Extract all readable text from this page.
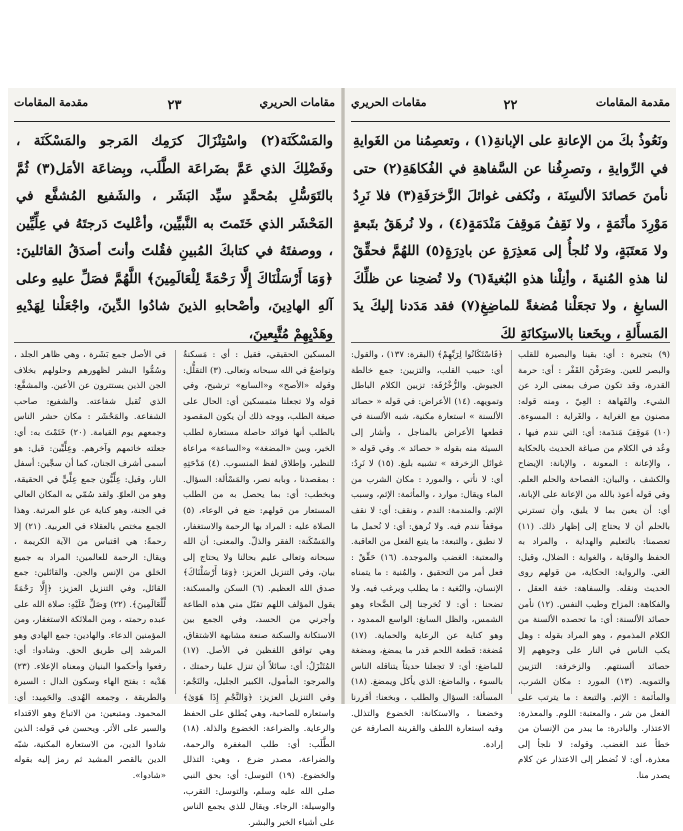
مقامات الحريري
٢٣
مقدمة المقامات
والمَسْكَنَة(٢) واسْتِنْزَالَ كرَمِك المَرجو والمَسْكَنَة ، وفَضْلِكَ الذي عَمَّ بضَراعَة الطَّلَب، وبِضاعَة الأمَل(٣) ثُمَّ بالتَوَسُّلِ بمُحمَّدٍ سيِّد البَشَر ، والشَفيع المُشفَّع في المَحْشَر الذي خَتَمتَ به النَّبيِّين، وأعْليتَ دَرجتَهُ في عِلِّيِّين ، ووصفتَهُ في كتابكَ المُبينِ فقُلتَ وأنتَ أصدَقُ القائلينَ: ﴿وَمَا أَرْسَلْنَاكَ إِلَّا رَحْمَةً لِلْعَالَمِينَ﴾ اللَّهُمَّ فصَلِّ عليهِ وعلى آلهِ الهادِينَ، وأصْحابهِ الذينَ شادُوا الدِّينَ، واجْعَلْنا لِهَدْيهِ وهَدْيِهِمْ مُتَّبِعينَ،
المسكين الحقيقي، فقيل : أي : مَسكنةٌ وتواضعٌ في الله سبحانه وتعالى. (٣) التقلُّل: وقوله «الأصح» و«السابع» ترشيح، وفي قوله ولا تجعلنا متمسكين أي: الحال على صيغة الطلب، ووجه ذلك أن يكون المقصود بالطلب أنها فوائد حاصلة مستعارة لطلب الخير، وبين «المضغة» و«الساعة» مراعاة للنظير، وإطلاق لفظ المنسوب. (٤) مَدْحَتِهِ : بمقصدنا ، وبابه نصر، والمَسْألة: السؤال. وبخطب: أي: بما يحصل به من الطلب المستعار من قولهم: ضع في الوعاء، (٥) الصلاة عليه : المراد بها الرحمة والاستغفار، والمَسْكَنة: الفقر والذلّ. والمعنى: أن الله سبحانه وتعالى عليم بحالنا ولا يحتاج إلى بيان، وفي التنزيل العزيز: ﴿وَمَا أَرْسَلْنَاكَ﴾ صدق الله العظيم. (٦) السكن والمسكنة: يقول المؤلف اللهم تقبّل مني هذه الطاعة وأجرني من الحسد، وفي الجمع بين الاستكانة والسكنة صنعة مشابهة الاشتقاق، وهي توافق اللفظين في الأصل. (١٧) المُتَنْزَلُ: أي: سائلاً أن تنزل علينا رحمتك ، والمرجو: المأمول، الكبير الجليل، والنَجْم: وفي التنزيل العزيز: ﴿وَالنَّجْمِ إِذَا هَوَىٰ﴾ واستعاره للصاحبة، وهي يُطلق على الحفظ والرعاية. والضراعة: الخضوع والذلة. (١٨) الطَّلَب: أي: طلب المغفرة والرحمة، والضراعة، مصدر ضرع ، وهي: التذلل والخضوع. (١٩) التوسل: أي: بحق النبي صلى الله عليه وسلم، والتوسل: التقرب، والوسيلة: الرجاء. ويقال للذي يجمع الناس على أشياء الخير والبشر.
في الأصل جمع بَشَرة ، وهي ظاهر الجلد ، وسُمُّوا البشر لظهورهم وحلولهم بخلاف الجن الذين يستترون عن الأعين. والمشفَّع: الذي تُقبل شفاعته. والشفيع: صاحب الشفاعة. والمَحْشَر : مكان حشر الناس وجمعهم يوم القيامة. (٢٠) خَتَمْتَ به: أي: جعلته خاتمهم وآخرهم. وعِلِّيِّين: قيل: هو أسمى أشرف الجنان، كما أن سجِّين: أسفل النار، وقيل: عِلِّيُّون جمع عِلِّيٍّ في الحقيقة، وهو من العلوّ. ولقد سُمّي به المكان العالي في الجنة، وهو كناية عن علو المرتبة. وهذا الجمع مختص بالعقلاء في العربية. (٢١) إلا رحمةً: هي اقتباس من الآية الكريمة ، ويقال: الرحمة للعالمين: المراد به جميع الخلق من الإنس والجن. والقائلين: جمع القائل، وفي التنزيل العزيز: ﴿إِلَّا رَحْمَةً لِّلْعَالَمِينَ﴾. (٢٢) وَصَلِّ عَلَيْهِ: صلاة الله على عبده رحمته ، ومن الملائكة الاستغفار، ومن المؤمنين الدعاء. والهادين: جمع الهادي وهو المرشد إلى طريق الحق. وشادوا: أي: رفعوا وأحكموا البنيان ومعناه الإعلاء. (٢٣) هَدْيه : بفتح الهاء وسكون الدال : السيرة والطريقة ، وجمعه الهُدى. والحَمِيد: أي: المحمود. ومتبعين: من الاتباع وهو الاقتداء والسير على الأثر. ويحسن في قوله: الذين شادوا الدين، من الاستعارة المكنية، شبّه الدين بالقصر المشيد ثم رمز إليه بقوله «شادوا».
مقدمة المقامات
٢٢
مقامات الحريري
ونَعُوذُ بكَ من الإعانةِ على الإبانةِ(١) ، وتعصِمُنا من الغَوايةِ في الرِّوايةِ ، وتصرِفُنا عن السَّفاهةِ في الفُكاهَةِ(٢) حتى نأمنَ حَصائدَ الألسِنَة ، ونُكفى غوائلَ الزَّخرَفَةِ(٣) فلا نَرِدُ مَوْرِدَ مأثَمَةٍ ، ولا نَقِفُ مَوقِفَ مَنْدَمَةٍ(٤) ، ولا نُرهَقُ بتَبعةٍ ولا مَعتَبَةٍ، ولا نُلجأُ إلى مَعذِرَةٍ عن بادِرَةٍ(٥) اللهُمَّ فحقِّقْ لنا هذهِ المُنيةَ ، وأنِلْنا هذهِ البُغيةَ(٦) ولا تُضحِنا عن ظلِّكَ السابغِ ، ولا تجعَلْنا مُضغةً للماضِغِ(٧) فقد مَدَدنا إليكَ يدَ المَسأَلةِ ، وبخَعنا بالاستِكانَةِ لكَ
(٩) بتجيرة : أي: بقينا والبصيرة للقلب والبصر للعين. وصَرَفْنَ القَفْر : أي: حرمة القدرة، وقد تكون صرف بمعنى الرد عن الشيء. والفَهاهة : العِيّ ، ومنه قوله: مصنون مع الغراية ، والغَراية : المسوءة. (١٠) مَوقِفَ مَندَمة: أي: التي نندم فيها ، وعُد في الكلام من صياغة الحديث بالحكاية ، والإعانة : المعونة ، والإبانة: الإيضاح والكشف ، والبيان: الفصاحة والحلم العلم. وفي قوله أعوذ بالله من الإعانة على الإبانة، أي: أن يعين بما لا يليق، وأن تسترني بالحلم أن لا يحتاج إلى إظهار ذلك. (١١) تعصمنا: بالتعليم والهداية ، والمراد به الحفظ والوقاية ، والغواية : الضلال، وقيل: الغي. والرواية: الحكاية، من قولهم روى الحديث ونقله. والسفاهة: خفة العقل ، والفكاهة: المزاح وطيب النفس. (١٢) نأمن حصائد الألسنة: أي: ما تحصده الألسنة من الكلام المذموم ، وهو المراد بقوله : وهل يكب الناس في النار على وجوههم إلا حصائد ألسنتهم. والزخرفة: التزيين والتمويه. (١٣) المورد : مكان الشرب، والمأثمة : الإثم. والتبعة : ما يترتب على الفعل من شر ، والمعتبة: اللوم. والمعذرة: الاعتذار. والبادرة: ما يبدر من الإنسان من خطأ عند الغضب. وقوله: لا نلجأ إلى معذرة، أي: لا نُضطر إلى الاعتذار عن كلام يصدر منا.
﴿فَاسْتَكَانُوا لِرَبِّهِمْ﴾ (البقرة: ١٣٧) ، والقول: أي: حبيب القلب، والتزيين: جمع خالطة الجيوش. والزُّخْرُفَة: تزيين الكلام الباطل وتمويهه. (١٤) الأعراض: في قوله « حصائد الألسنة » استعارة مكنية، شبه الألسنة في قطعها الأعراض بالمناجل ، وأشار إلى السيئة منه بقوله « حصائد ». وفي قوله « غوائل الزخرفة » تشبيه بليغ. (١٥) لا نَرِدُ: أي: لا نأتي ، والمورد : مكان الشرب من الماء ويقال: موارد ، والمأثمة: الإثم، وسبب الإثم. والمندمة: الندم ، ونقف: أي: لا نقف موقفاً نندم فيه. ولا نُرهق: أي: لا نُحمل ما لا نطيق ، والتبعة: ما يتبع الفعل من العاقبة. والمعتبة: الغضب والموجدة. (١٦) حَقِّقْ : فعل أمر من التحقيق ، والمُنية : ما يتمناه الإنسان، والبُغية : ما يطلب ويرغب فيه. ولا تضحنا : أي: لا تُخرجنا إلى الضَّحاء وهو الشمس، والظل السابغ: الواسع الممدود ، وهو كناية عن الرعاية والحماية. (١٧) مُضغة: قطعة اللحم قدر ما يمضغ، ومضغة للماضغ: أي: لا تجعلنا حديثاً يتناقله الناس بالسوء ، والماضغ: الذي يأكل ويمضغ. (١٨) المسألة: السؤال والطلب ، وبخعنا: أقررنا وخضعنا ، والاستكانة: الخضوع والتذلل. وفيه استعارة اللطف والقرينة الصارفة عن إرادة.
